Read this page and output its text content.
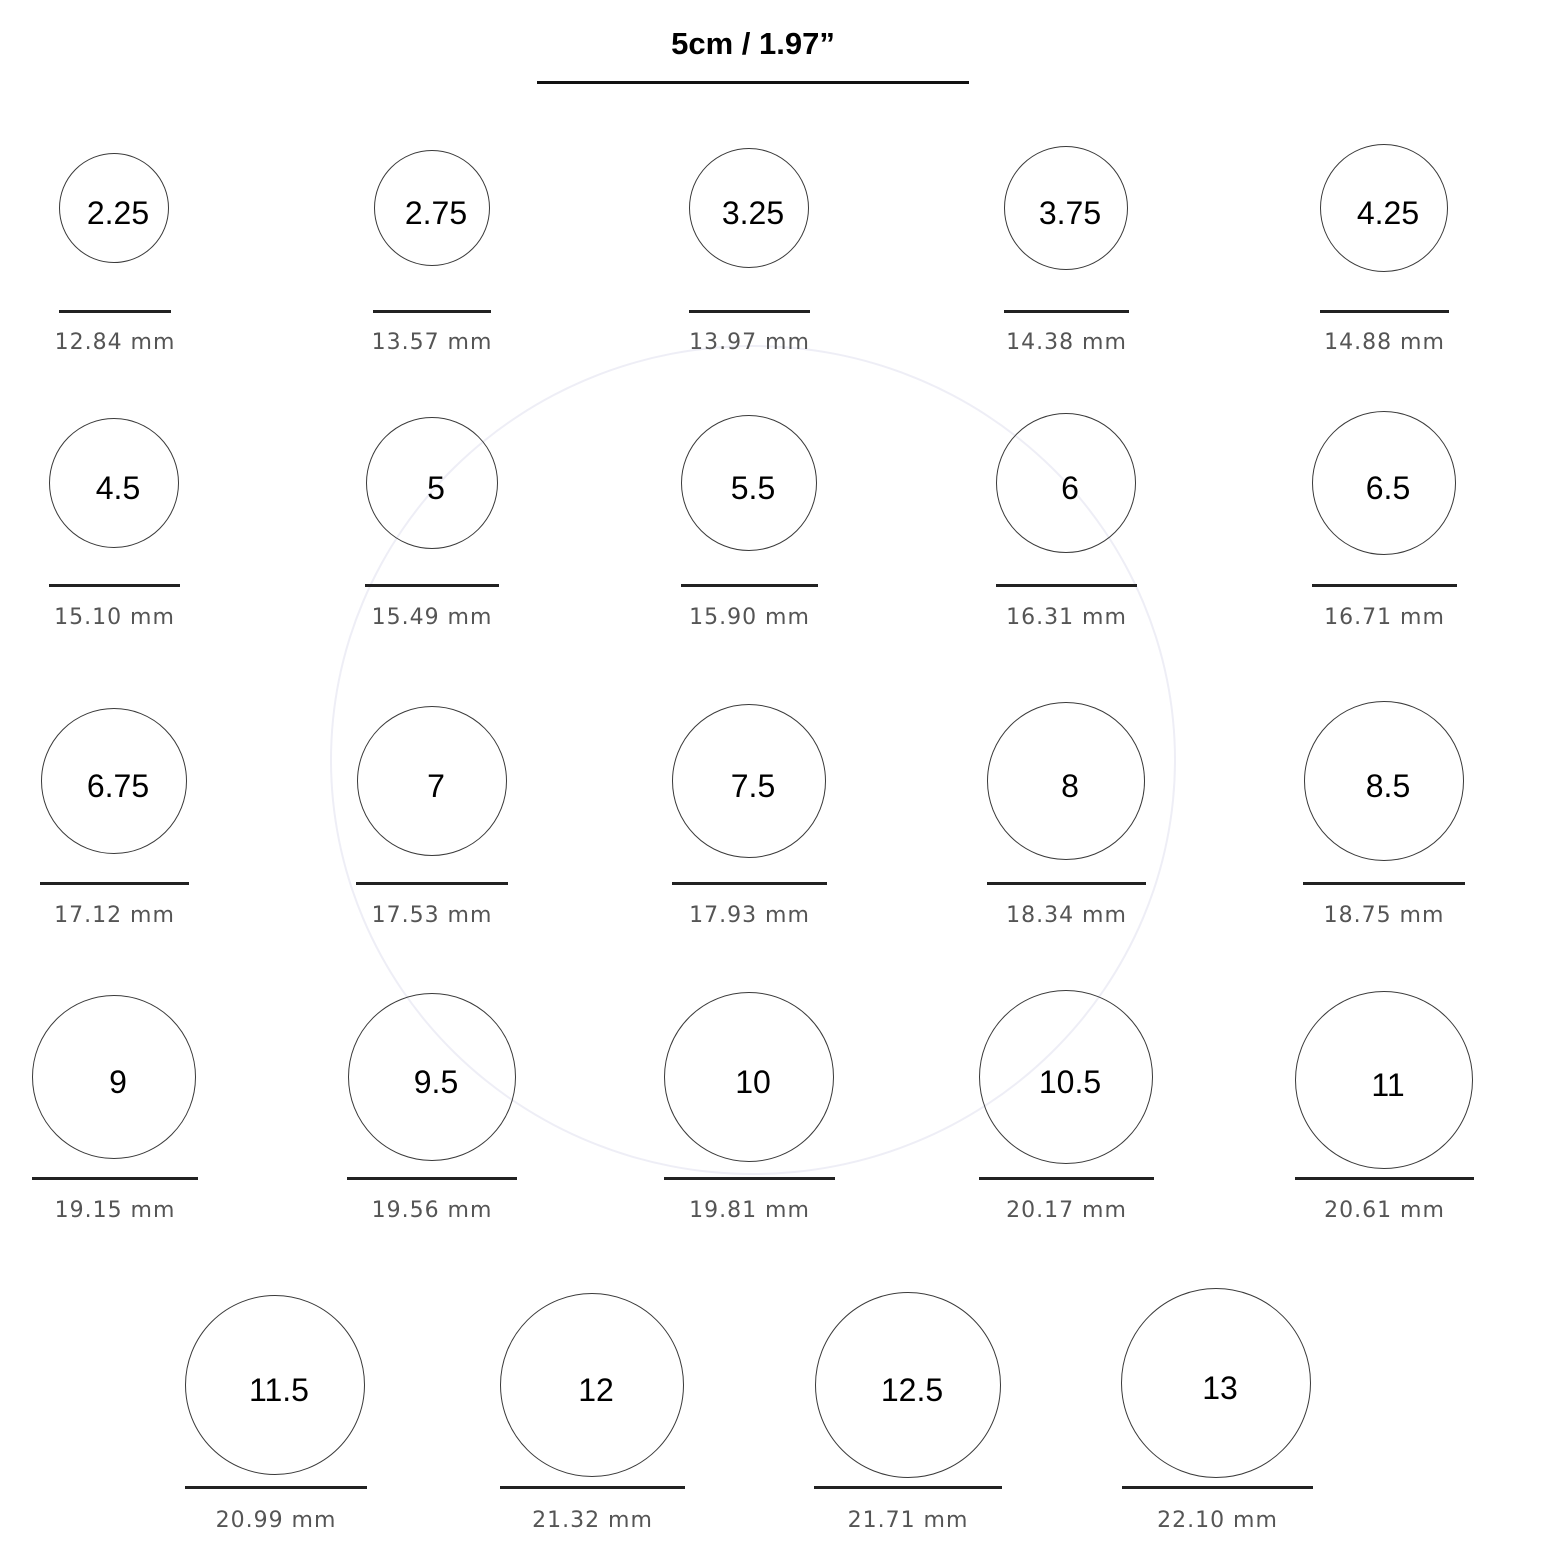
5cm / 1.97”
2.25
12.84 mm
2.75
13.57 mm
3.25
13.97 mm
3.75
14.38 mm
4.25
14.88 mm
4.5
15.10 mm
5
15.49 mm
5.5
15.90 mm
6
16.31 mm
6.5
16.71 mm
6.75
17.12 mm
7
17.53 mm
7.5
17.93 mm
8
18.34 mm
8.5
18.75 mm
9
19.15 mm
9.5
19.56 mm
10
19.81 mm
10.5
20.17 mm
11
20.61 mm
11.5
20.99 mm
12
21.32 mm
12.5
21.71 mm
13
22.10 mm
